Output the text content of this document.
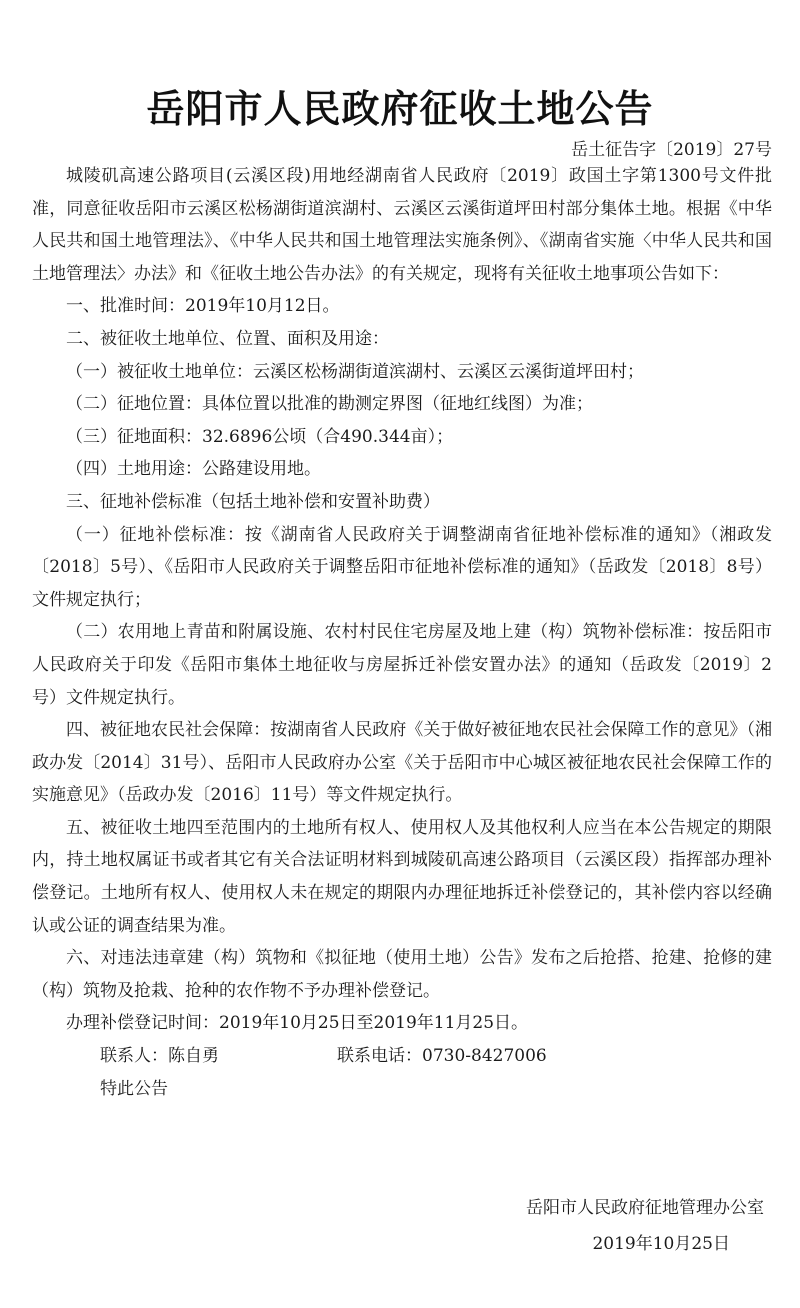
岳阳市人民政府征收土地公告

岳土征告字〔2019〕27号

城陵矶高速公路项目(云溪区段)用地经湖南省人民政府〔2019〕政国土字第1300号文件批准，同意征收岳阳市云溪区松杨湖街道滨湖村、云溪区云溪街道坪田村部分集体土地。根据《中华人民共和国土地管理法》、《中华人民共和国土地管理法实施条例》、《湖南省实施〈中华人民共和国土地管理法〉办法》和《征收土地公告办法》的有关规定，现将有关征收土地事项公告如下：

一、批准时间：2019年10月12日。

二、被征收土地单位、位置、面积及用途：

（一）被征收土地单位：云溪区松杨湖街道滨湖村、云溪区云溪街道坪田村；

（二）征地位置：具体位置以批准的勘测定界图（征地红线图）为准；

（三）征地面积：32.6896公顷（合490.344亩）；

（四）土地用途：公路建设用地。

三、征地补偿标准（包括土地补偿和安置补助费）

（一）征地补偿标准：按《湖南省人民政府关于调整湖南省征地补偿标准的通知》（湘政发〔2018〕5号）、《岳阳市人民政府关于调整岳阳市征地补偿标准的通知》（岳政发〔2018〕8号）文件规定执行；

（二）农用地上青苗和附属设施、农村村民住宅房屋及地上建（构）筑物补偿标准：按岳阳市人民政府关于印发《岳阳市集体土地征收与房屋拆迁补偿安置办法》的通知（岳政发〔2019〕2号）文件规定执行。

四、被征地农民社会保障：按湖南省人民政府《关于做好被征地农民社会保障工作的意见》（湘政办发〔2014〕31号）、岳阳市人民政府办公室《关于岳阳市中心城区被征地农民社会保障工作的实施意见》（岳政办发〔2016〕11号）等文件规定执行。

五、被征收土地四至范围内的土地所有权人、使用权人及其他权利人应当在本公告规定的期限内，持土地权属证书或者其它有关合法证明材料到城陵矶高速公路项目（云溪区段）指挥部办理补偿登记。土地所有权人、使用权人未在规定的期限内办理征地拆迁补偿登记的，其补偿内容以经确认或公证的调查结果为准。

六、对违法违章建（构）筑物和《拟征地（使用土地）公告》发布之后抢搭、抢建、抢修的建（构）筑物及抢栽、抢种的农作物不予办理补偿登记。

办理补偿登记时间：2019年10月25日至2019年11月25日。

联系人：陈自勇	联系电话：0730-8427006

特此公告

岳阳市人民政府征地管理办公室

2019年10月25日
